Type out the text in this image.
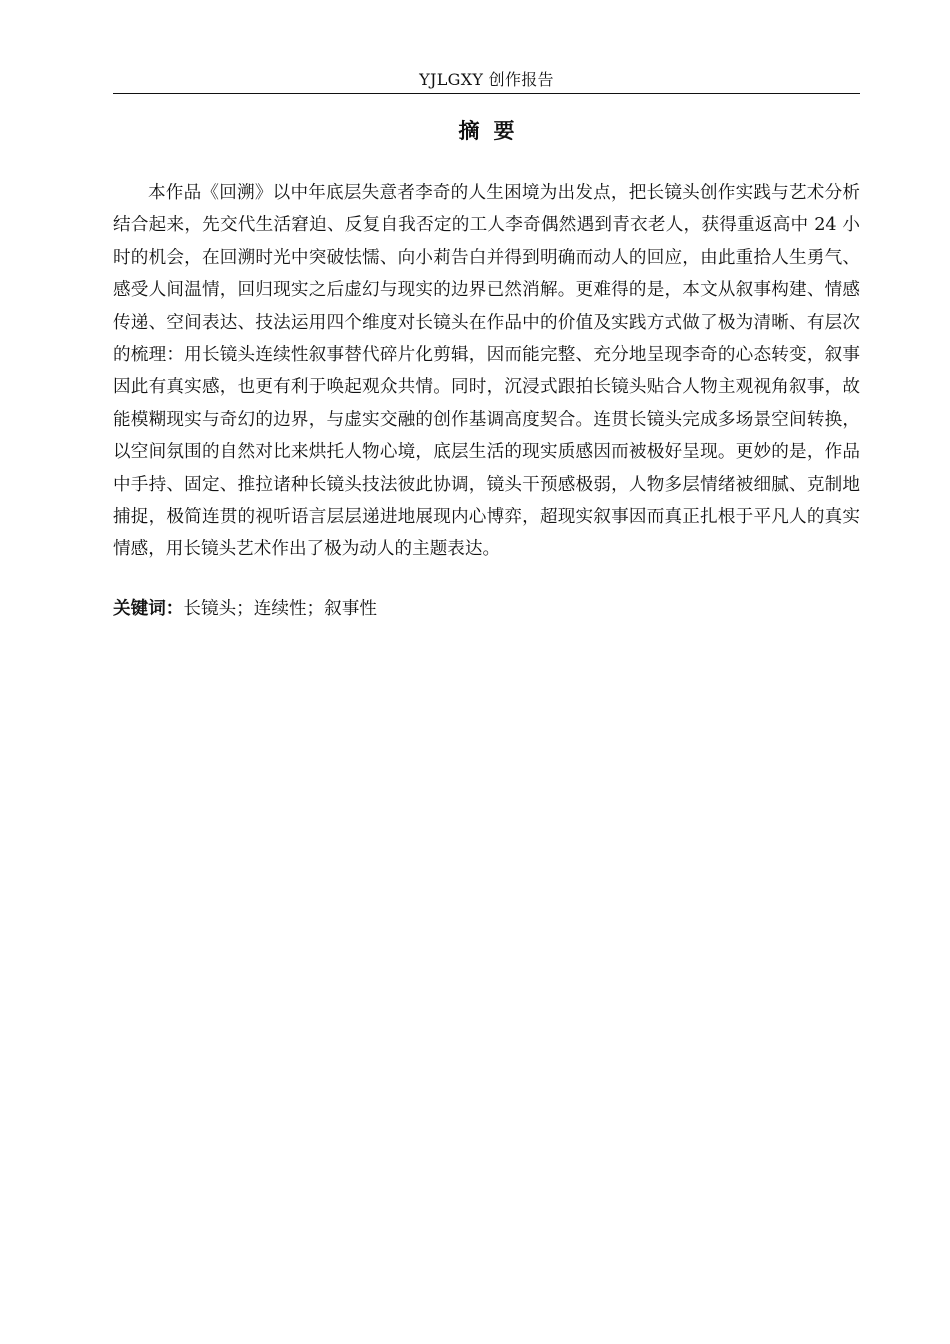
YJLGXY 创作报告
摘要

本作品《回溯》以中年底层失意者李奇的人生困境为出发点，把长镜头创作实践与艺术分析结合起来，先交代生活窘迫、反复自我否定的工人李奇偶然遇到青衣老人，获得重返高中 24 小时的机会，在回溯时光中突破怯懦、向小莉告白并得到明确而动人的回应，由此重拾人生勇气、感受人间温情，回归现实之后虚幻与现实的边界已然消解。更难得的是，本文从叙事构建、情感传递、空间表达、技法运用四个维度对长镜头在作品中的价值及实践方式做了极为清晰、有层次的梳理：用长镜头连续性叙事替代碎片化剪辑，因而能完整、充分地呈现李奇的心态转变，叙事因此有真实感，也更有利于唤起观众共情。同时，沉浸式跟拍长镜头贴合人物主观视角叙事，故能模糊现实与奇幻的边界，与虚实交融的创作基调高度契合。连贯长镜头完成多场景空间转换，以空间氛围的自然对比来烘托人物心境，底层生活的现实质感因而被极好呈现。更妙的是，作品中手持、固定、推拉诸种长镜头技法彼此协调，镜头干预感极弱，人物多层情绪被细腻、克制地捕捉，极简连贯的视听语言层层递进地展现内心博弈，超现实叙事因而真正扎根于平凡人的真实情感，用长镜头艺术作出了极为动人的主题表达。

关键词：长镜头；连续性；叙事性
